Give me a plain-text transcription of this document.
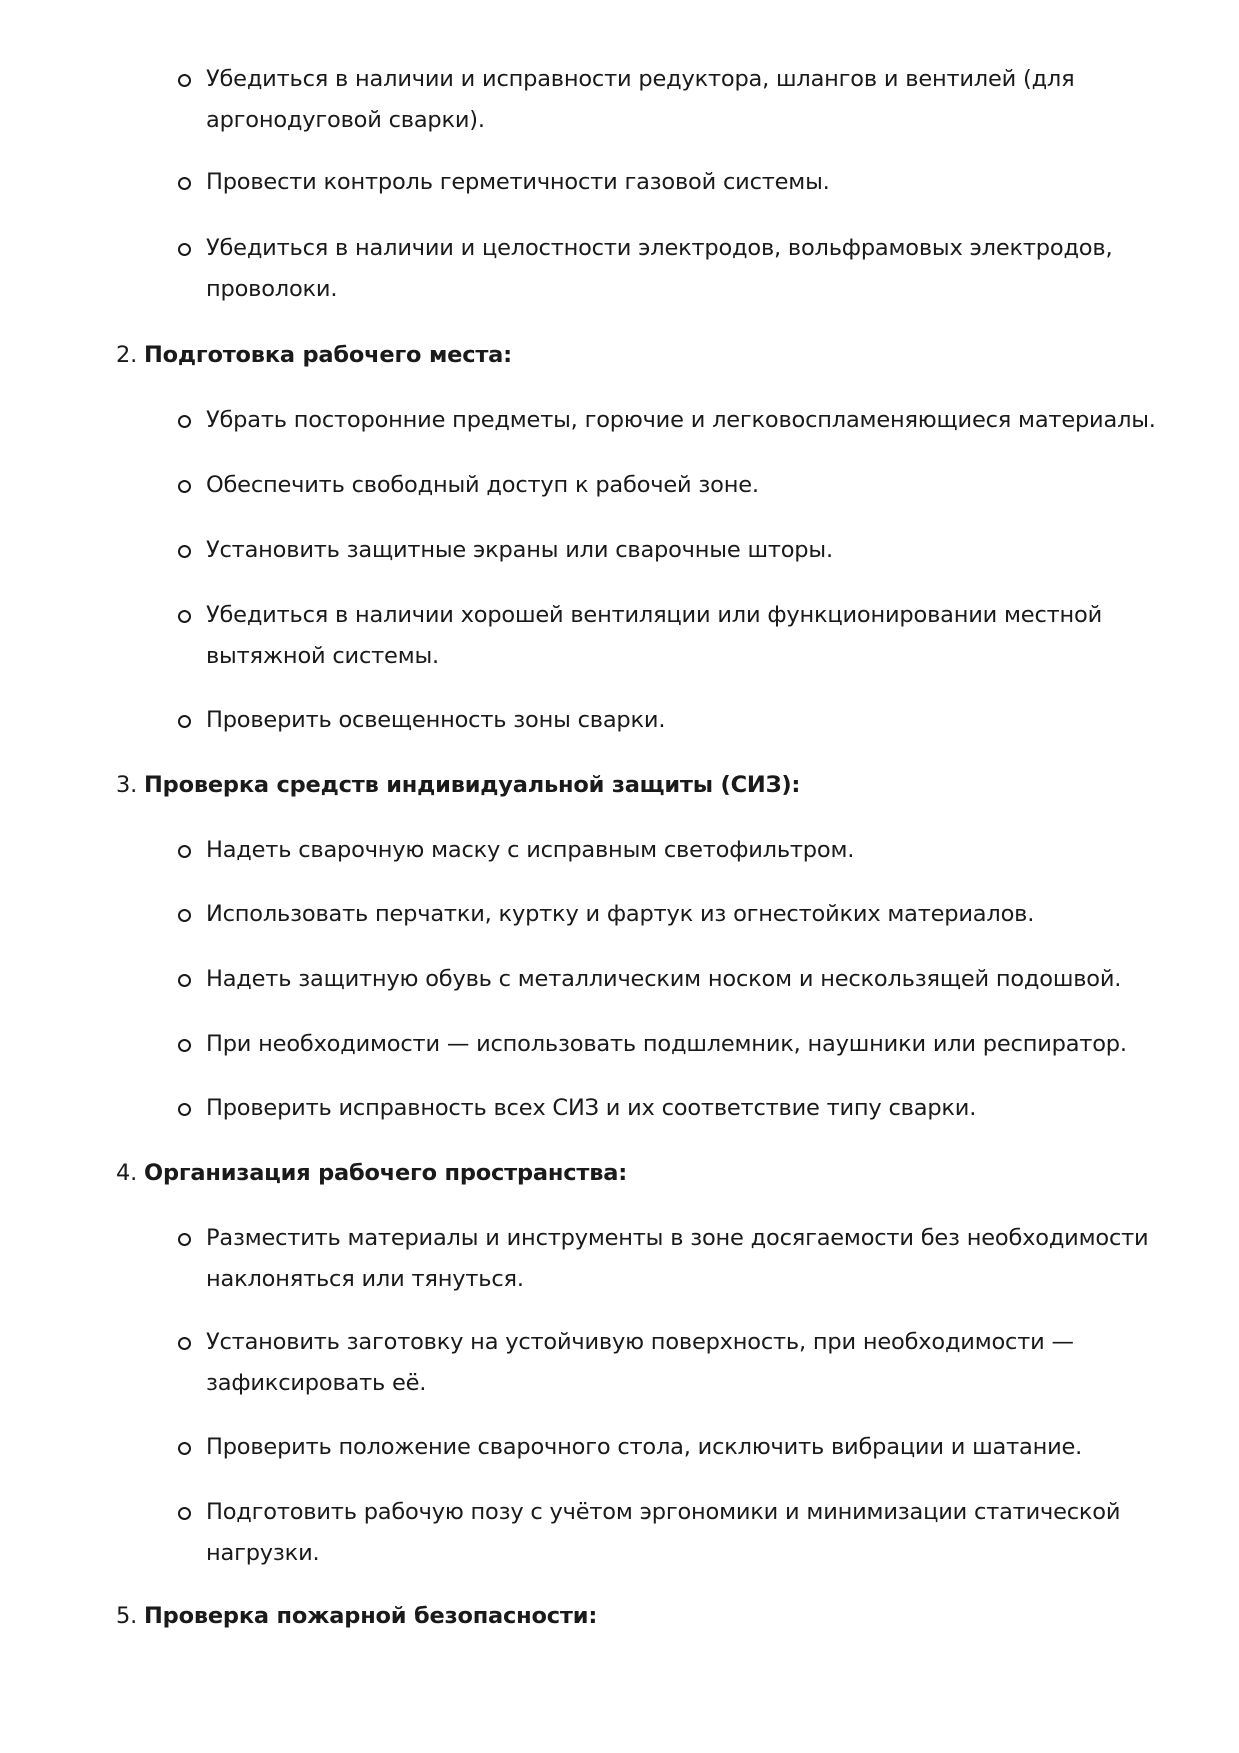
Убедиться в наличии и исправности редуктора, шлангов и вентилей (для аргонодуговой сварки).
Провести контроль герметичности газовой системы.
Убедиться в наличии и целостности электродов, вольфрамовых электродов, проволоки.
2. Подготовка рабочего места:
Убрать посторонние предметы, горючие и легковоспламеняющиеся материалы.
Обеспечить свободный доступ к рабочей зоне.
Установить защитные экраны или сварочные шторы.
Убедиться в наличии хорошей вентиляции или функционировании местной вытяжной системы.
Проверить освещенность зоны сварки.
3. Проверка средств индивидуальной защиты (СИЗ):
Надеть сварочную маску с исправным светофильтром.
Использовать перчатки, куртку и фартук из огнестойких материалов.
Надеть защитную обувь с металлическим носком и нескользящей подошвой.
При необходимости — использовать подшлемник, наушники или респиратор.
Проверить исправность всех СИЗ и их соответствие типу сварки.
4. Организация рабочего пространства:
Разместить материалы и инструменты в зоне досягаемости без необходимости наклоняться или тянуться.
Установить заготовку на устойчивую поверхность, при необходимости — зафиксировать её.
Проверить положение сварочного стола, исключить вибрации и шатание.
Подготовить рабочую позу с учётом эргономики и минимизации статической нагрузки.
5. Проверка пожарной безопасности:
